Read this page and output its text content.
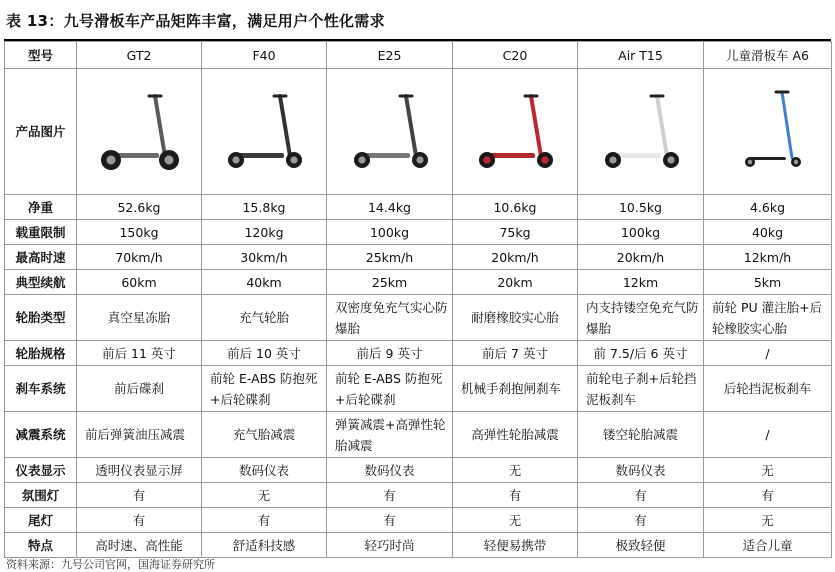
表 13：九号滑板车产品矩阵丰富，满足用户个性化需求
型号	GT2	F40	E25	C20	Air T15	儿童滑板车 A6
产品图片	

净重	52.6kg	15.8kg	14.4kg	10.6kg	10.5kg	4.6kg
载重限制	150kg	120kg	100kg	75kg	100kg	40kg
最高时速	70km/h	30km/h	25km/h	20km/h	20km/h	12km/h
典型续航	60km	40km	25km	20km	12km	5km
轮胎类型	真空星冻胎	充气轮胎	双密度免充气实心防爆胎	耐磨橡胶实心胎	内支持镂空免充气防爆胎	前轮 PU 灌注胎+后轮橡胶实心胎
轮胎规格	前后 11 英寸	前后 10 英寸	前后 9 英寸	前后 7 英寸	前 7.5/后 6 英寸	/
刹车系统	前后碟刹	前轮 E-ABS 防抱死+后轮碟刹	前轮 E-ABS 防抱死+后轮碟刹	机械手刹抱闸刹车	前轮电子刹+后轮挡泥板刹车	后轮挡泥板刹车
减震系统	前后弹簧油压减震	充气胎减震	弹簧减震+高弹性轮胎减震	高弹性轮胎减震	镂空轮胎减震	/
仪表显示	透明仪表显示屏	数码仪表	数码仪表	无	数码仪表	无
氛围灯	有	无	有	有	有	有
尾灯	有	有	有	无	有	无
特点	高时速、高性能	舒适科技感	轻巧时尚	轻便易携带	极致轻便	适合儿童
资料来源：九号公司官网，国海证券研究所
